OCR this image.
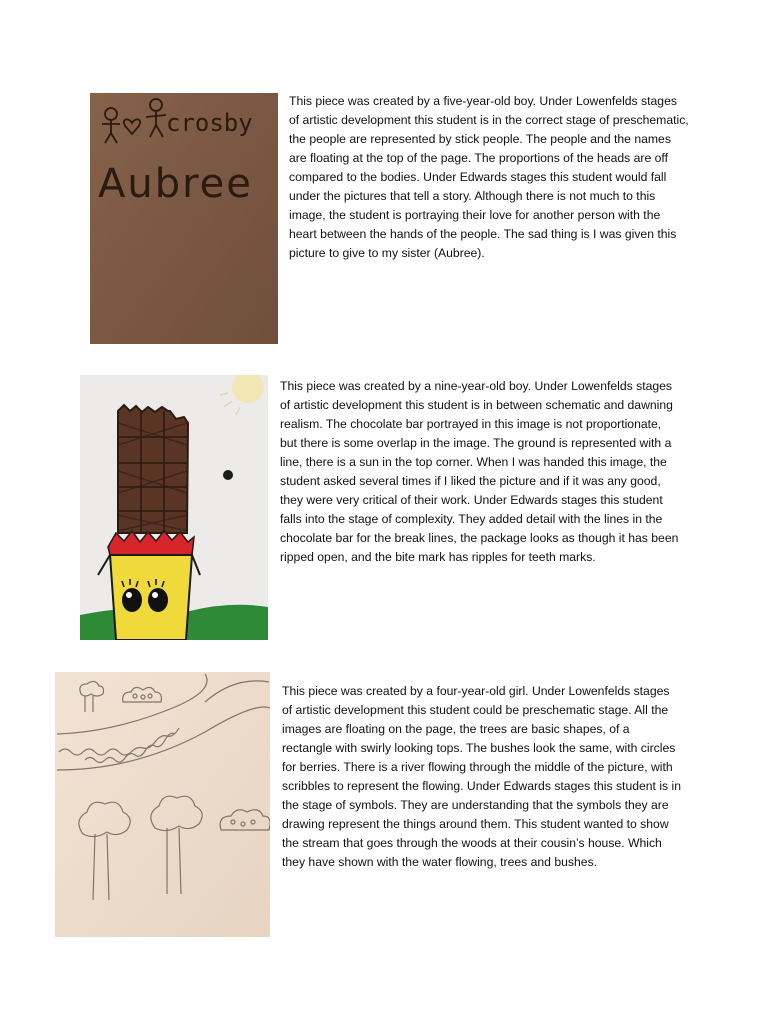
crosby
Aubree

This piece was created by a five-year-old boy. Under Lowenfelds stages of artistic development this student is in the correct stage of preschematic, the people are represented by stick people. The people and the names are floating at the top of the page. The proportions of the heads are off compared to the bodies. Under Edwards stages this student would fall under the pictures that tell a story. Although there is not much to this image, the student is portraying their love for another person with the heart between the hands of the people. The sad thing is I was given this picture to give to my sister (Aubree).

This piece was created by a nine-year-old boy. Under Lowenfelds stages of artistic development this student is in between schematic and dawning realism. The chocolate bar portrayed in this image is not proportionate, but there is some overlap in the image. The ground is represented with a line, there is a sun in the top corner. When I was handed this image, the student asked several times if I liked the picture and if it was any good, they were very critical of their work. Under Edwards stages this student falls into the stage of complexity. They added detail with the lines in the chocolate bar for the break lines, the package looks as though it has been ripped open, and the bite mark has ripples for teeth marks.

This piece was created by a four-year-old girl. Under Lowenfelds stages of artistic development this student could be preschematic stage. All the images are floating on the page, the trees are basic shapes, of a rectangle with swirly looking tops. The bushes look the same, with circles for berries. There is a river flowing through the middle of the picture, with scribbles to represent the flowing. Under Edwards stages this student is in the stage of symbols. They are understanding that the symbols they are drawing represent the things around them. This student wanted to show the stream that goes through the woods at their cousin’s house. Which they have shown with the water flowing, trees and bushes.
